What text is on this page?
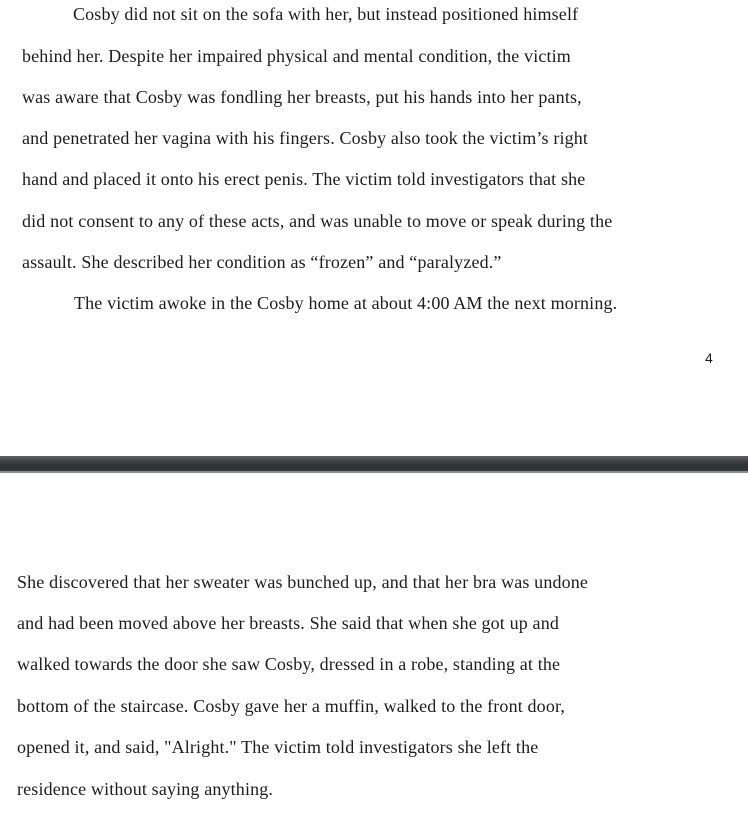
Cosby did not sit on the sofa with her, but instead positioned himself
behind her. Despite her impaired physical and mental condition, the victim
was aware that Cosby was fondling her breasts, put his hands into her pants,
and penetrated her vagina with his fingers. Cosby also took the victim’s right
hand and placed it onto his erect penis. The victim told investigators that she
did not consent to any of these acts, and was unable to move or speak during the
assault. She described her condition as “frozen” and “paralyzed.”
The victim awoke in the Cosby home at about 4:00 AM the next morning.
4
She discovered that her sweater was bunched up, and that her bra was undone
and had been moved above her breasts. She said that when she got up and
walked towards the door she saw Cosby, dressed in a robe, standing at the
bottom of the staircase. Cosby gave her a muffin, walked to the front door,
opened it, and said, "Alright." The victim told investigators she left the
residence without saying anything.
